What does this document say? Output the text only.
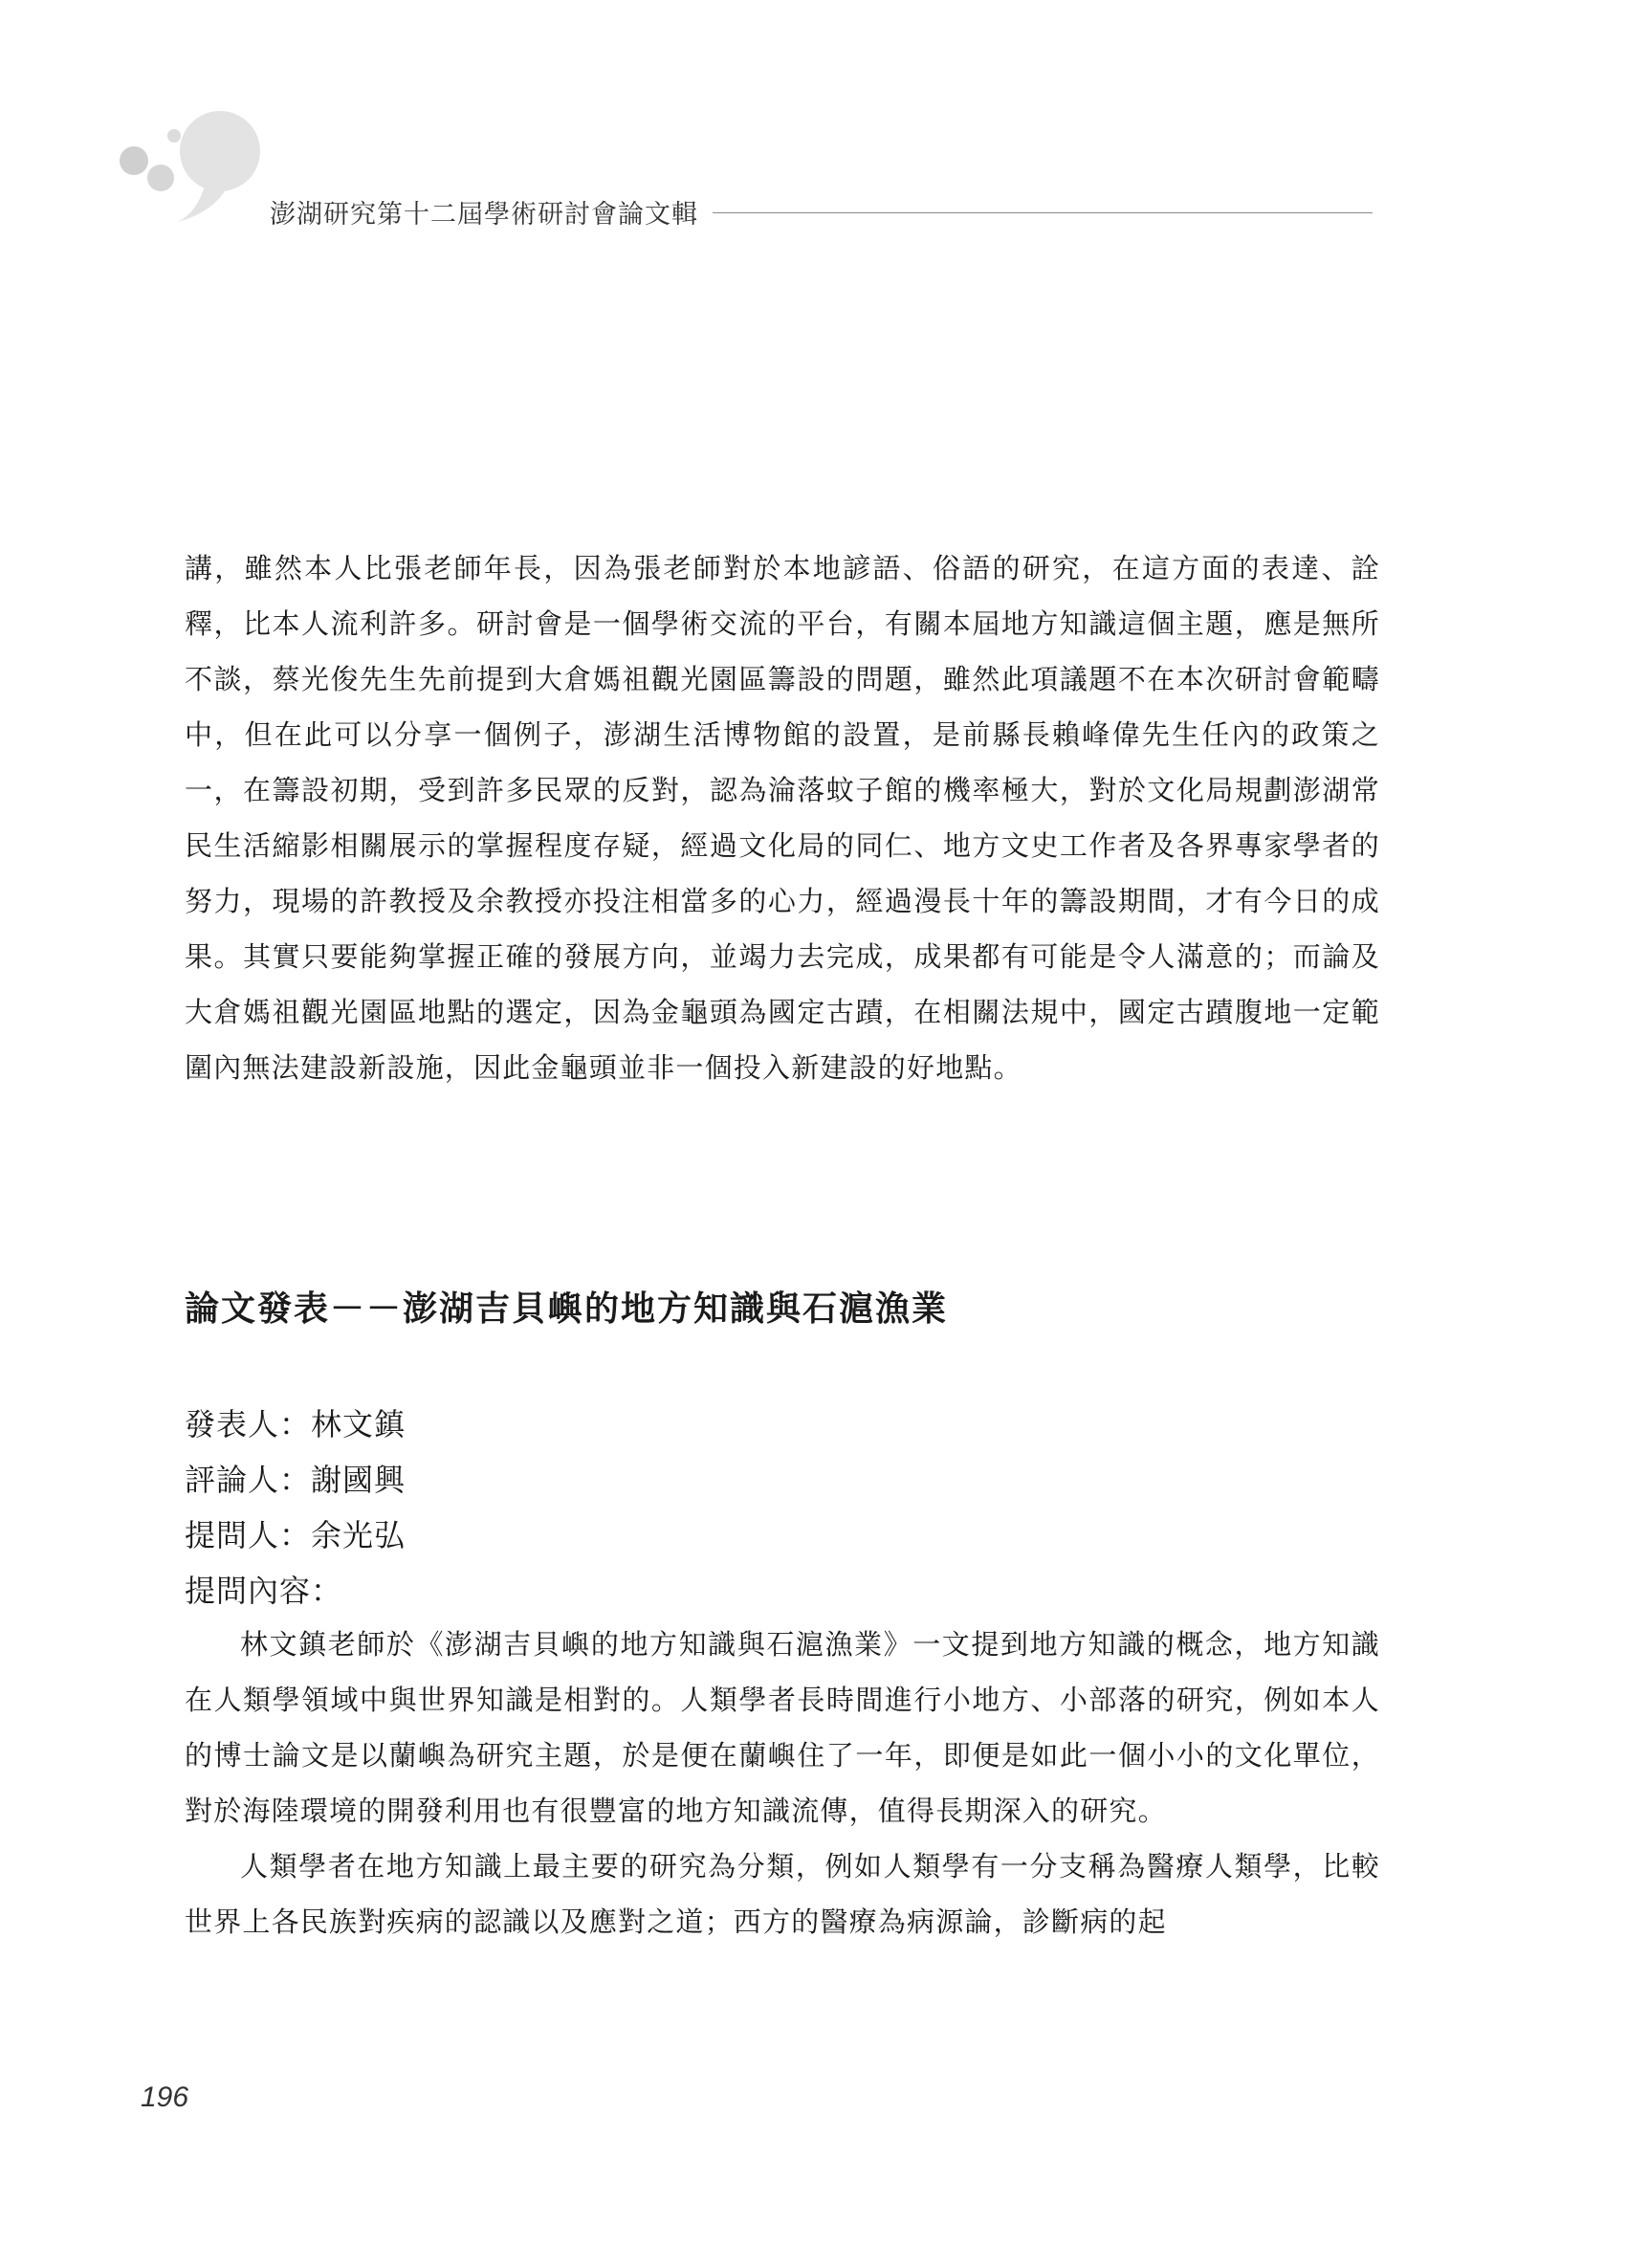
澎湖研究第十二屆學術研討會論文輯
講，雖然本人比張老師年長，因為張老師對於本地諺語、俗語的研究，在這方面的表達、詮釋，比本人流利許多。研討會是一個學術交流的平台，有關本屆地方知識這個主題，應是無所不談，蔡光俊先生先前提到大倉媽祖觀光園區籌設的問題，雖然此項議題不在本次研討會範疇中，但在此可以分享一個例子，澎湖生活博物館的設置，是前縣長賴峰偉先生任內的政策之一，在籌設初期，受到許多民眾的反對，認為淪落蚊子館的機率極大，對於文化局規劃澎湖常民生活縮影相關展示的掌握程度存疑，經過文化局的同仁、地方文史工作者及各界專家學者的努力，現場的許教授及余教授亦投注相當多的心力，經過漫長十年的籌設期間，才有今日的成果。其實只要能夠掌握正確的發展方向，並竭力去完成，成果都有可能是令人滿意的；而論及大倉媽祖觀光園區地點的選定，因為金龜頭為國定古蹟，在相關法規中，國定古蹟腹地一定範圍內無法建設新設施，因此金龜頭並非一個投入新建設的好地點。
論文發表－－澎湖吉貝嶼的地方知識與石滬漁業
發表人：林文鎮
評論人：謝國興
提問人：余光弘
提問內容：

林文鎮老師於《澎湖吉貝嶼的地方知識與石滬漁業》一文提到地方知識的概念，地方知識在人類學領域中與世界知識是相對的。人類學者長時間進行小地方、小部落的研究，例如本人的博士論文是以蘭嶼為研究主題，於是便在蘭嶼住了一年，即便是如此一個小小的文化單位，對於海陸環境的開發利用也有很豐富的地方知識流傳，值得長期深入的研究。

人類學者在地方知識上最主要的研究為分類，例如人類學有一分支稱為醫療人類學，比較世界上各民族對疾病的認識以及應對之道；西方的醫療為病源論，診斷病的起

196
